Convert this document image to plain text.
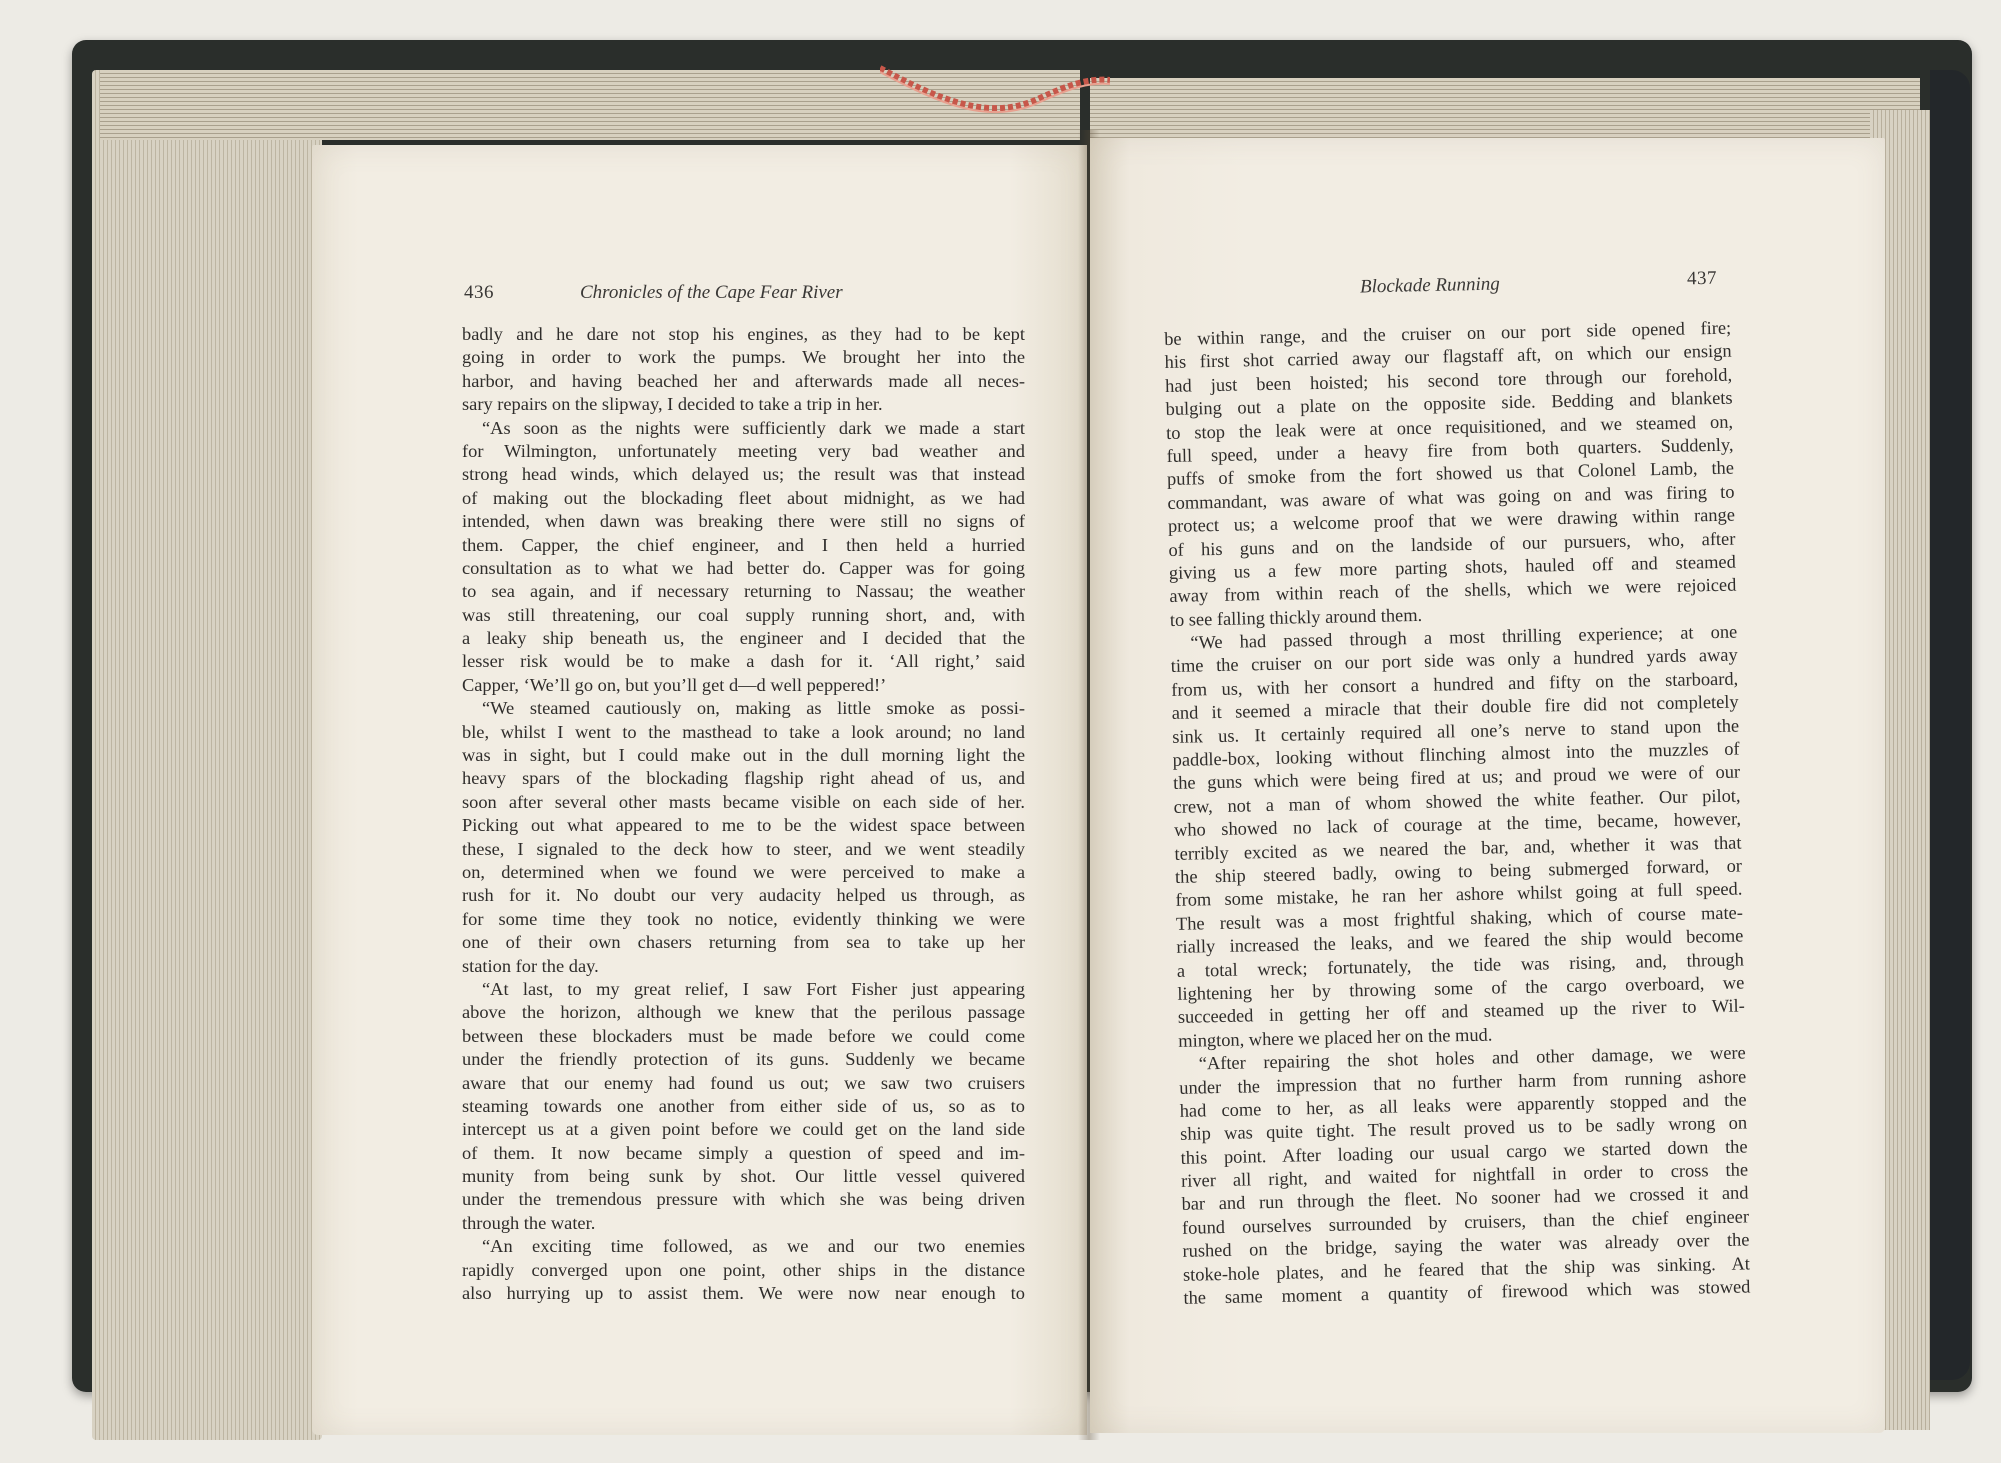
436	Chronicles of the Cape Fear River
badly and he dare not stop his engines, as they had to be kept
going in order to work the pumps. We brought her into the
harbor, and having beached her and afterwards made all neces-
sary repairs on the slipway, I decided to take a trip in her.
“As soon as the nights were sufficiently dark we made a start
for Wilmington, unfortunately meeting very bad weather and
strong head winds, which delayed us; the result was that instead
of making out the blockading fleet about midnight, as we had
intended, when dawn was breaking there were still no signs of
them. Capper, the chief engineer, and I then held a hurried
consultation as to what we had better do. Capper was for going
to sea again, and if necessary returning to Nassau; the weather
was still threatening, our coal supply running short, and, with
a leaky ship beneath us, the engineer and I decided that the
lesser risk would be to make a dash for it. ‘All right,’ said
Capper, ‘We’ll go on, but you’ll get d—d well peppered!’
“We steamed cautiously on, making as little smoke as possi-
ble, whilst I went to the masthead to take a look around; no land
was in sight, but I could make out in the dull morning light the
heavy spars of the blockading flagship right ahead of us, and
soon after several other masts became visible on each side of her.
Picking out what appeared to me to be the widest space between
these, I signaled to the deck how to steer, and we went steadily
on, determined when we found we were perceived to make a
rush for it. No doubt our very audacity helped us through, as
for some time they took no notice, evidently thinking we were
one of their own chasers returning from sea to take up her
station for the day.
“At last, to my great relief, I saw Fort Fisher just appearing
above the horizon, although we knew that the perilous passage
between these blockaders must be made before we could come
under the friendly protection of its guns. Suddenly we became
aware that our enemy had found us out; we saw two cruisers
steaming towards one another from either side of us, so as to
intercept us at a given point before we could get on the land side
of them. It now became simply a question of speed and im-
munity from being sunk by shot. Our little vessel quivered
under the tremendous pressure with which she was being driven
through the water.
“An exciting time followed, as we and our two enemies
rapidly converged upon one point, other ships in the distance
also hurrying up to assist them. We were now near enough to
Blockade Running	437
be within range, and the cruiser on our port side opened fire;
his first shot carried away our flagstaff aft, on which our ensign
had just been hoisted; his second tore through our forehold,
bulging out a plate on the opposite side. Bedding and blankets
to stop the leak were at once requisitioned, and we steamed on,
full speed, under a heavy fire from both quarters. Suddenly,
puffs of smoke from the fort showed us that Colonel Lamb, the
commandant, was aware of what was going on and was firing to
protect us; a welcome proof that we were drawing within range
of his guns and on the landside of our pursuers, who, after
giving us a few more parting shots, hauled off and steamed
away from within reach of the shells, which we were rejoiced
to see falling thickly around them.
“We had passed through a most thrilling experience; at one
time the cruiser on our port side was only a hundred yards away
from us, with her consort a hundred and fifty on the starboard,
and it seemed a miracle that their double fire did not completely
sink us. It certainly required all one’s nerve to stand upon the
paddle-box, looking without flinching almost into the muzzles of
the guns which were being fired at us; and proud we were of our
crew, not a man of whom showed the white feather. Our pilot,
who showed no lack of courage at the time, became, however,
terribly excited as we neared the bar, and, whether it was that
the ship steered badly, owing to being submerged forward, or
from some mistake, he ran her ashore whilst going at full speed.
The result was a most frightful shaking, which of course mate-
rially increased the leaks, and we feared the ship would become
a total wreck; fortunately, the tide was rising, and, through
lightening her by throwing some of the cargo overboard, we
succeeded in getting her off and steamed up the river to Wil-
mington, where we placed her on the mud.
“After repairing the shot holes and other damage, we were
under the impression that no further harm from running ashore
had come to her, as all leaks were apparently stopped and the
ship was quite tight. The result proved us to be sadly wrong on
this point. After loading our usual cargo we started down the
river all right, and waited for nightfall in order to cross the
bar and run through the fleet. No sooner had we crossed it and
found ourselves surrounded by cruisers, than the chief engineer
rushed on the bridge, saying the water was already over the
stoke-hole plates, and he feared that the ship was sinking. At
the same moment a quantity of firewood which was stowed
